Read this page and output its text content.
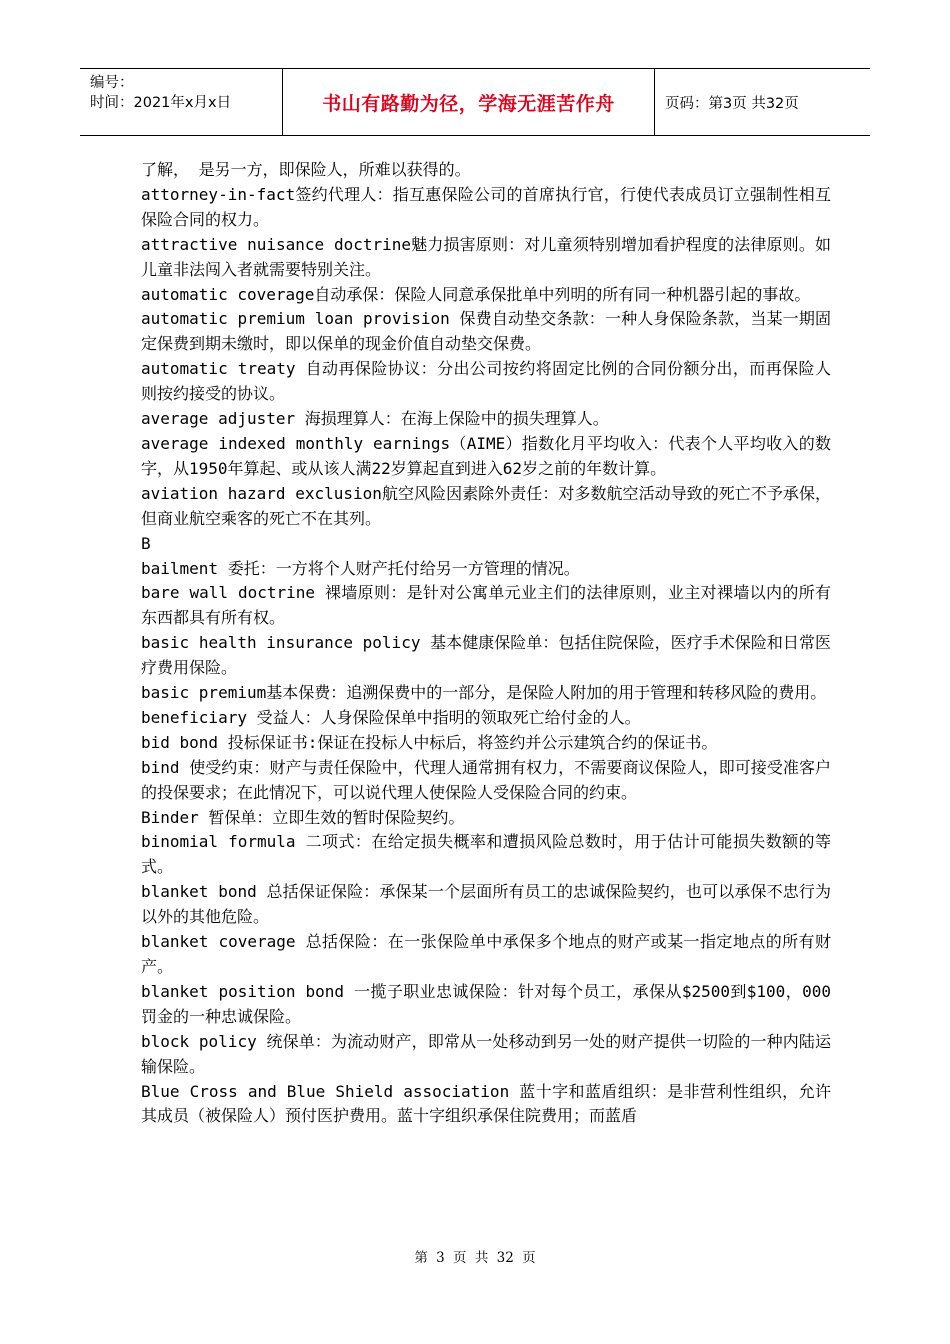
编号：
时间：2021年x月x日	书山有路勤为径，学海无涯苦作舟	页码：第3页 共32页

了解， 是另一方，即保险人，所难以获得的。

attorney-in-fact签约代理人：指互惠保险公司的首席执行官，行使代表成员订立强制性相互保险合同的权力。

attractive nuisance doctrine魅力损害原则：对儿童须特别增加看护程度的法律原则。如儿童非法闯入者就需要特别关注。

automatic coverage自动承保：保险人同意承保批单中列明的所有同一种机器引起的事故。

automatic premium loan provision 保费自动垫交条款：一种人身保险条款，当某一期固定保费到期未缴时，即以保单的现金价值自动垫交保费。

automatic treaty 自动再保险协议：分出公司按约将固定比例的合同份额分出，而再保险人则按约接受的协议。

average adjuster 海损理算人：在海上保险中的损失理算人。

average indexed monthly earnings（AIME）指数化月平均收入：代表个人平均收入的数字，从1950年算起、或从该人满22岁算起直到进入62岁之前的年数计算。

aviation hazard exclusion航空风险因素除外责任：对多数航空活动导致的死亡不予承保，但商业航空乘客的死亡不在其列。

B

bailment 委托：一方将个人财产托付给另一方管理的情况。

bare wall doctrine 裸墙原则：是针对公寓单元业主们的法律原则，业主对裸墙以内的所有东西都具有所有权。

basic health insurance policy 基本健康保险单：包括住院保险，医疗手术保险和日常医疗费用保险。

basic premium基本保费：追溯保费中的一部分，是保险人附加的用于管理和转移风险的费用。

beneficiary 受益人：人身保险保单中指明的领取死亡给付金的人。

bid bond 投标保证书:保证在投标人中标后，将签约并公示建筑合约的保证书。

bind 使受约束：财产与责任保险中，代理人通常拥有权力，不需要商议保险人，即可接受准客户的投保要求；在此情况下，可以说代理人使保险人受保险合同的约束。

Binder 暂保单：立即生效的暂时保险契约。

binomial formula 二项式：在给定损失概率和遭损风险总数时，用于估计可能损失数额的等式。

blanket bond 总括保证保险：承保某一个层面所有员工的忠诚保险契约，也可以承保不忠行为以外的其他危险。

blanket coverage 总括保险：在一张保险单中承保多个地点的财产或某一指定地点的所有财产。

blanket position bond 一揽子职业忠诚保险：针对每个员工，承保从$2500到$100，000罚金的一种忠诚保险。

block policy 统保单：为流动财产，即常从一处移动到另一处的财产提供一切险的一种内陆运输保险。

Blue Cross and Blue Shield association 蓝十字和蓝盾组织：是非营利性组织，允许其成员（被保险人）预付医护费用。蓝十字组织承保住院费用；而蓝盾

第 3 页 共 32 页
